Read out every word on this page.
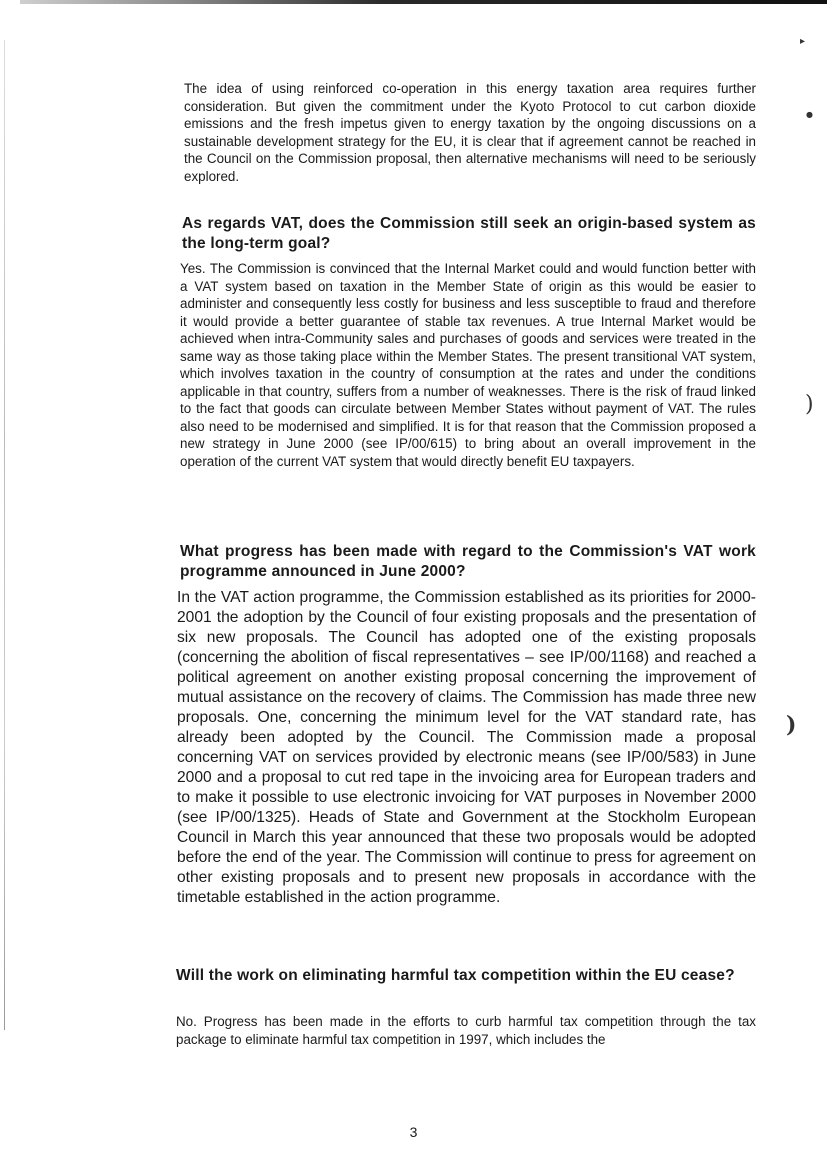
The idea of using reinforced co-operation in this energy taxation area requires further consideration. But given the commitment under the Kyoto Protocol to cut carbon dioxide emissions and the fresh impetus given to energy taxation by the ongoing discussions on a sustainable development strategy for the EU, it is clear that if agreement cannot be reached in the Council on the Commission proposal, then alternative mechanisms will need to be seriously explored.

As regards VAT, does the Commission still seek an origin-based system as the long-term goal?

Yes. The Commission is convinced that the Internal Market could and would function better with a VAT system based on taxation in the Member State of origin as this would be easier to administer and consequently less costly for business and less susceptible to fraud and therefore it would provide a better guarantee of stable tax revenues. A true Internal Market would be achieved when intra-Community sales and purchases of goods and services were treated in the same way as those taking place within the Member States. The present transitional VAT system, which involves taxation in the country of consumption at the rates and under the conditions applicable in that country, suffers from a number of weaknesses. There is the risk of fraud linked to the fact that goods can circulate between Member States without payment of VAT. The rules also need to be modernised and simplified. It is for that reason that the Commission proposed a new strategy in June 2000 (see IP/00/615) to bring about an overall improvement in the operation of the current VAT system that would directly benefit EU taxpayers.

What progress has been made with regard to the Commission's VAT work programme announced in June 2000?

In the VAT action programme, the Commission established as its priorities for 2000-2001 the adoption by the Council of four existing proposals and the presentation of six new proposals. The Council has adopted one of the existing proposals (concerning the abolition of fiscal representatives – see IP/00/1168) and reached a political agreement on another existing proposal concerning the improvement of mutual assistance on the recovery of claims. The Commission has made three new proposals. One, concerning the minimum level for the VAT standard rate, has already been adopted by the Council. The Commission made a proposal concerning VAT on services provided by electronic means (see IP/00/583) in June 2000 and a proposal to cut red tape in the invoicing area for European traders and to make it possible to use electronic invoicing for VAT purposes in November 2000 (see IP/00/1325). Heads of State and Government at the Stockholm European Council in March this year announced that these two proposals would be adopted before the end of the year. The Commission will continue to press for agreement on other existing proposals and to present new proposals in accordance with the timetable established in the action programme.

Will the work on eliminating harmful tax competition within the EU cease?

No. Progress has been made in the efforts to curb harmful tax competition through the tax package to eliminate harmful tax competition in 1997, which includes the

3
▸
●
)
)
